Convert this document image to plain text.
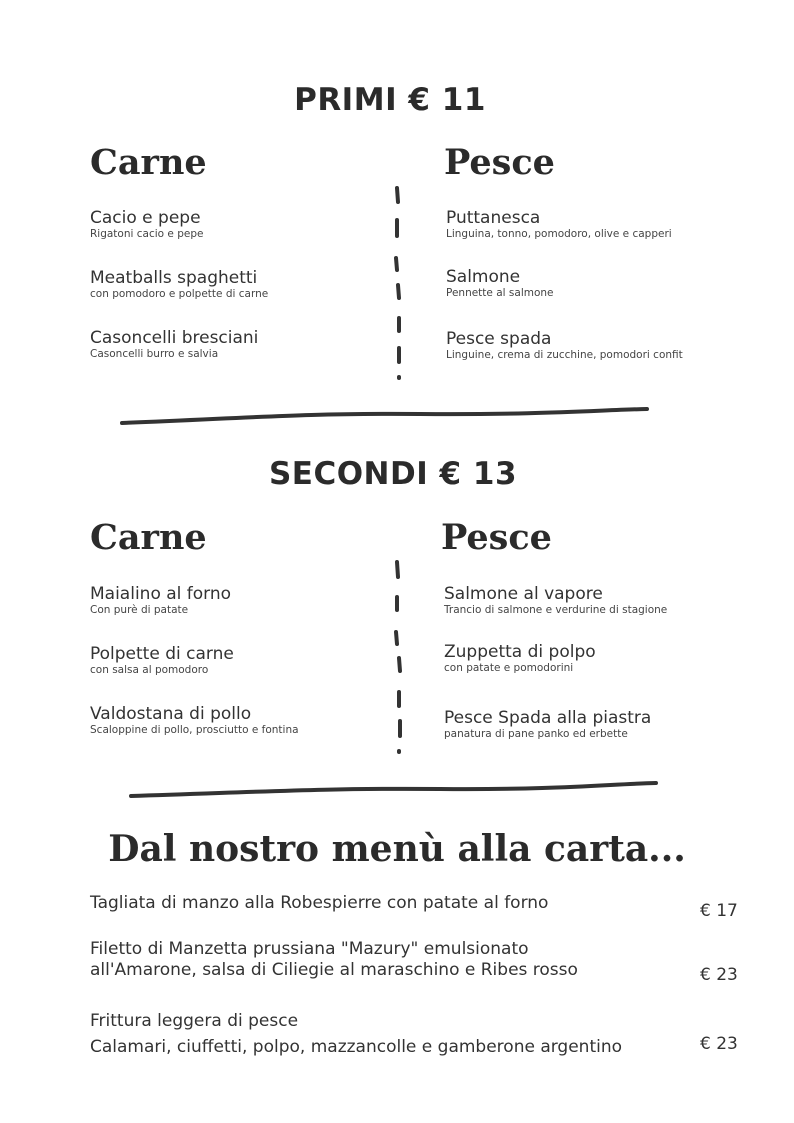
PRIMI € 11
Carne	Pesce
Cacio e pepe
Rigatoni cacio e pepe
Meatballs spaghetti
con pomodoro e polpette di carne
Casoncelli bresciani
Casoncelli burro e salvia
Puttanesca
Linguina, tonno, pomodoro, olive e capperi
Salmone
Pennette al salmone
Pesce spada
Linguine, crema di zucchine, pomodori confit
SECONDI € 13
Carne	Pesce
Maialino al forno
Con purè di patate
Polpette di carne
con salsa al pomodoro
Valdostana di pollo
Scaloppine di pollo, prosciutto e fontina
Salmone al vapore
Trancio di salmone e verdurine di stagione
Zuppetta di polpo
con patate e pomodorini
Pesce Spada alla piastra
panatura di pane panko ed erbette
Dal nostro menù alla carta...
Tagliata di manzo alla Robespierre con patate al forno	€ 17
Filetto di Manzetta prussiana "Mazury" emulsionato
all'Amarone, salsa di Ciliegie al maraschino e Ribes rosso	€ 23
Frittura leggera di pesce
Calamari, ciuffetti, polpo, mazzancolle e gamberone argentino	€ 23
